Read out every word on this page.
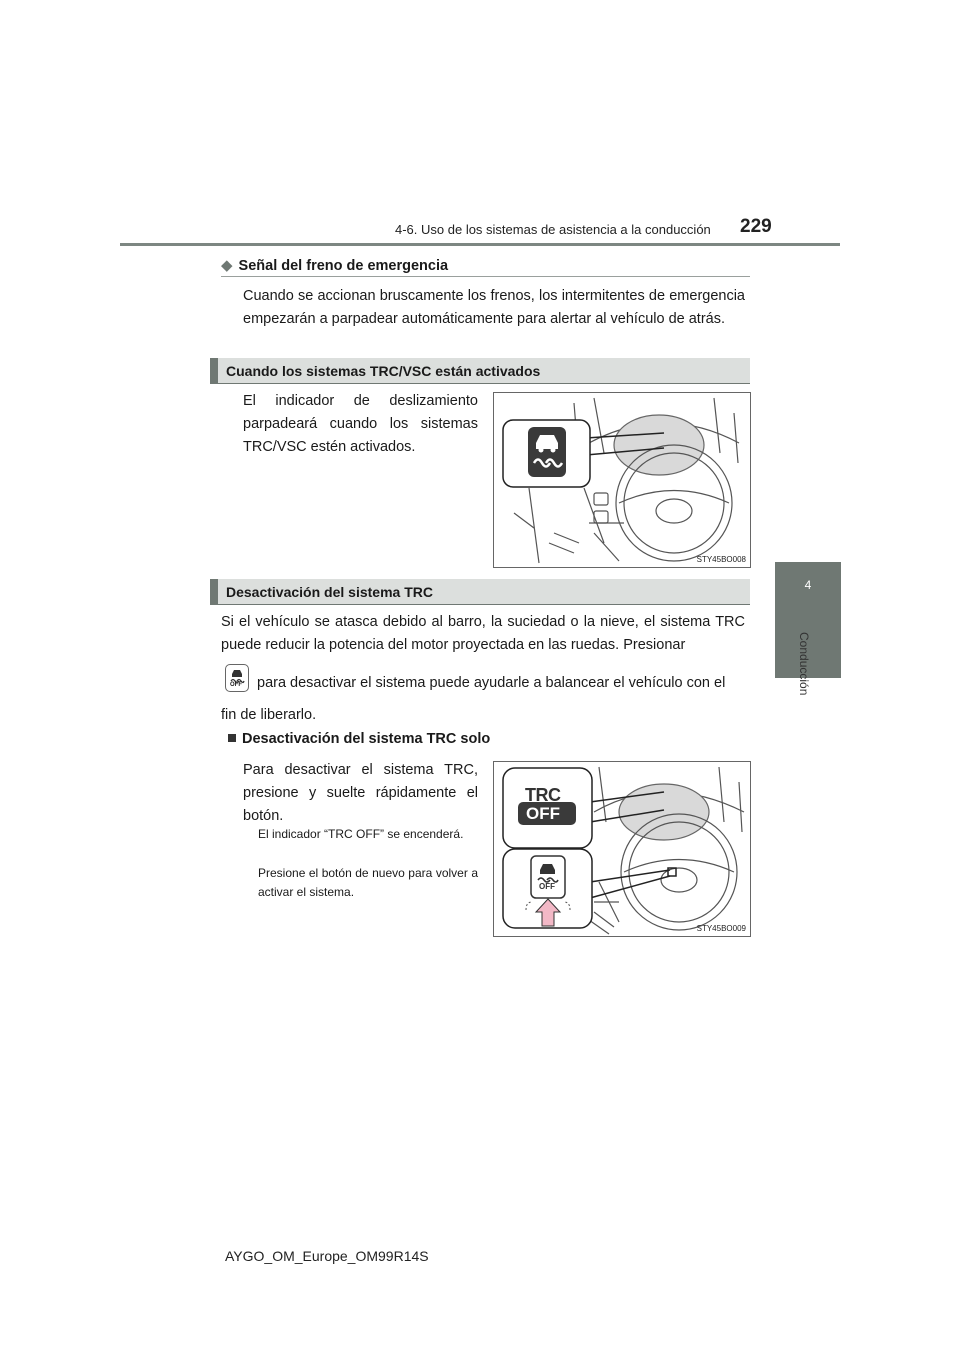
4-6. Uso de los sistemas de asistencia a la conducción 229
4
Conducción
◆ Señal del freno de emergencia
Cuando se accionan bruscamente los frenos, los intermitentes de emergencia empezarán a parpadear automáticamente para alertar al vehículo de atrás.
Cuando los sistemas TRC/VSC están activados
El indicador de deslizamiento parpadeará cuando los sistemas TRC/VSC estén activados.
STY45BO008
Desactivación del sistema TRC
Si el vehículo se atasca debido al barro, la suciedad o la nieve, el sistema TRC puede reducir la potencia del motor proyectada en las ruedas. Presionar
OFF para desactivar el sistema puede ayudarle a balancear el vehículo con el
fin de liberarlo.
Desactivación del sistema TRC solo
Para desactivar el sistema TRC, presione y suelte rápidamente el botón.
El indicador “TRC OFF” se encenderá.
Presione el botón de nuevo para volver a activar el sistema.
TRC
OFF
OFF
STY45BO009
AYGO_OM_Europe_OM99R14S
